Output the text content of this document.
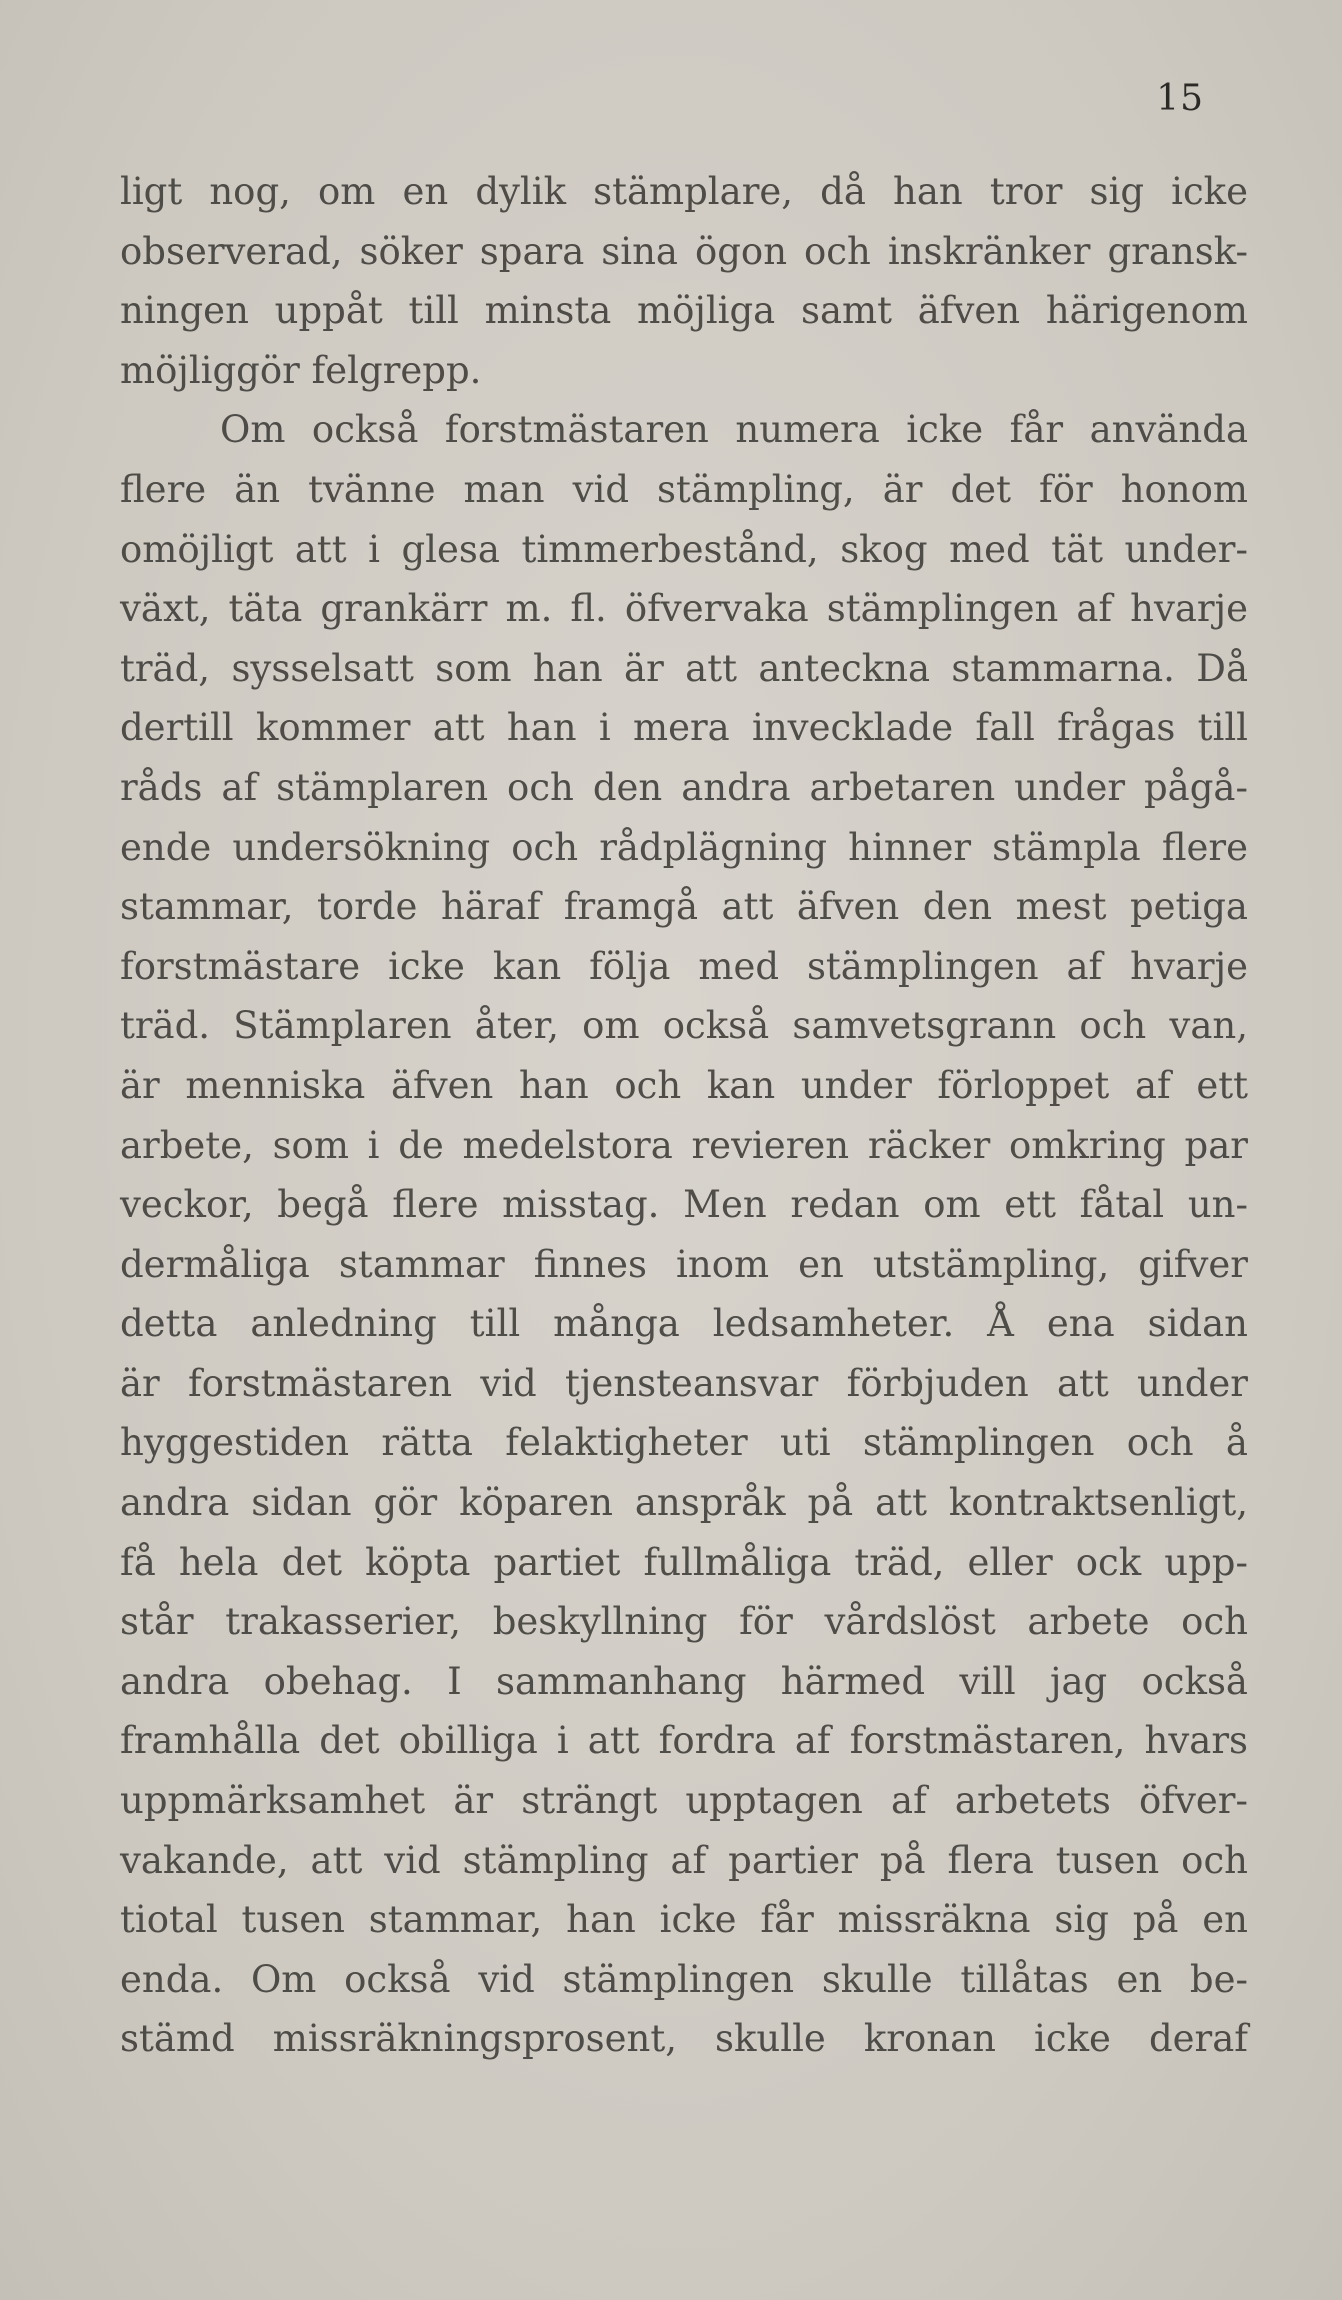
15
ligt nog, om en dylik stämplare, då han tror sig icke
observerad, söker spara sina ögon och inskränker gransk-
ningen uppåt till minsta möjliga samt äfven härigenom
möjliggör felgrepp.
Om också forstmästaren numera icke får använda
flere än tvänne man vid stämpling, är det för honom
omöjligt att i glesa timmerbestånd, skog med tät under-
växt, täta grankärr m. fl. öfvervaka stämplingen af hvarje
träd, sysselsatt som han är att anteckna stammarna. Då
dertill kommer att han i mera invecklade fall frågas till
råds af stämplaren och den andra arbetaren under pågå-
ende undersökning och rådplägning hinner stämpla flere
stammar, torde häraf framgå att äfven den mest petiga
forstmästare icke kan följa med stämplingen af hvarje
träd. Stämplaren åter, om också samvetsgrann och van,
är menniska äfven han och kan under förloppet af ett
arbete, som i de medelstora revieren räcker omkring par
veckor, begå flere misstag. Men redan om ett fåtal un-
dermåliga stammar finnes inom en utstämpling, gifver
detta anledning till många ledsamheter. Å ena sidan
är forstmästaren vid tjensteansvar förbjuden att under
hyggestiden rätta felaktigheter uti stämplingen och å
andra sidan gör köparen anspråk på att kontraktsenligt,
få hela det köpta partiet fullmåliga träd, eller ock upp-
står trakasserier, beskyllning för vårdslöst arbete och
andra obehag. I sammanhang härmed vill jag också
framhålla det obilliga i att fordra af forstmästaren, hvars
uppmärksamhet är strängt upptagen af arbetets öfver-
vakande, att vid stämpling af partier på flera tusen och
tiotal tusen stammar, han icke får missräkna sig på en
enda. Om också vid stämplingen skulle tillåtas en be-
stämd missräkningsprosent, skulle kronan icke deraf
